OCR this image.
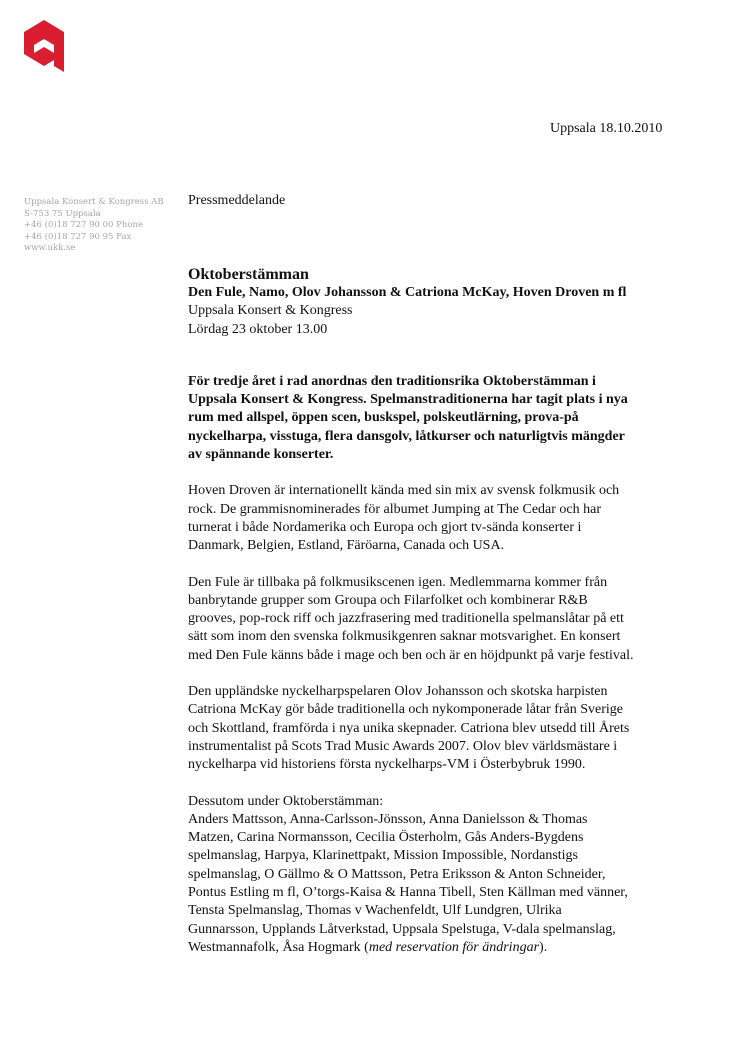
Uppsala 18.10.2010
Uppsala Konsert & Kongress AB
S-753 75 Uppsala
+46 (0)18 727 90 00 Phone
+46 (0)18 727 90 95 Fax
www.ukk.se
Pressmeddelande

Oktoberstämman

Den Fule, Namo, Olov Johansson & Catriona McKay, Hoven Droven m fl

Uppsala Konsert & Kongress

Lördag 23 oktober 13.00

För tredje året i rad anordnas den traditionsrika Oktoberstämman i
Uppsala Konsert & Kongress. Spelmanstraditionerna har tagit plats i nya
rum med allspel, öppen scen, buskspel, polskeutlärning, prova-på
nyckelharpa, visstuga, flera dansgolv, låtkurser och naturligtvis mängder
av spännande konserter.

Hoven Droven är internationellt kända med sin mix av svensk folkmusik och
rock. De grammisnominerades för albumet Jumping at The Cedar och har
turnerat i både Nordamerika och Europa och gjort tv-sända konserter i
Danmark, Belgien, Estland, Färöarna, Canada och USA.

Den Fule är tillbaka på folkmusikscenen igen. Medlemmarna kommer från
banbrytande grupper som Groupa och Filarfolket och kombinerar R&B
grooves, pop-rock riff och jazzfrasering med traditionella spelmanslåtar på ett
sätt som inom den svenska folkmusikgenren saknar motsvarighet. En konsert
med Den Fule känns både i mage och ben och är en höjdpunkt på varje festival.

Den uppländske nyckelharpspelaren Olov Johansson och skotska harpisten
Catriona McKay gör både traditionella och nykomponerade låtar från Sverige
och Skottland, framförda i nya unika skepnader. Catriona blev utsedd till Årets
instrumentalist på Scots Trad Music Awards 2007. Olov blev världsmästare i
nyckelharpa vid historiens första nyckelharps-VM i Österbybruk 1990.

Dessutom under Oktoberstämman:

Anders Mattsson, Anna-Carlsson-Jönsson, Anna Danielsson & Thomas
Matzen, Carina Normansson, Cecilia Österholm, Gås Anders-Bygdens
spelmanslag, Harpya, Klarinettpakt, Mission Impossible, Nordanstigs
spelmanslag, O Gällmo & O Mattsson, Petra Eriksson & Anton Schneider,
Pontus Estling m fl, O’torgs-Kaisa & Hanna Tibell, Sten Källman med vänner,
Tensta Spelmanslag, Thomas v Wachenfeldt, Ulf Lundgren, Ulrika
Gunnarsson, Upplands Låtverkstad, Uppsala Spelstuga, V-dala spelmanslag,
Westmannafolk, Åsa Hogmark (med reservation för ändringar).
